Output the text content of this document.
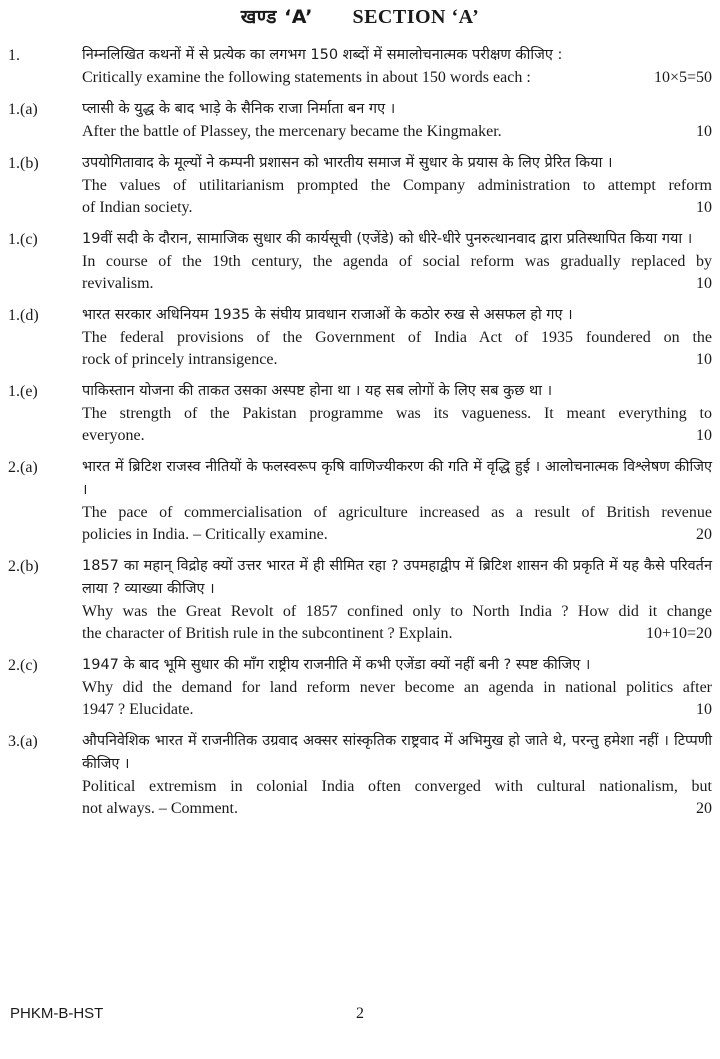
खण्ड ‘A’ SECTION ‘A’
1.	निम्नलिखित कथनों में से प्रत्येक का लगभग 150 शब्दों में समालोचनात्मक परीक्षण कीजिए :
Critically examine the following statements in about 150 words each :	10×5=50
1.(a)	प्लासी के युद्ध के बाद भाड़े के सैनिक राजा निर्माता बन गए ।
After the battle of Plassey, the mercenary became the Kingmaker.	10
1.(b)	उपयोगितावाद के मूल्यों ने कम्पनी प्रशासन को भारतीय समाज में सुधार के प्रयास के लिए प्रेरित किया ।
The values of utilitarianism prompted the Company administration to attempt reform
of Indian society.	10
1.(c)	19वीं सदी के दौरान, सामाजिक सुधार की कार्यसूची (एजेंडे) को धीरे-धीरे पुनरुत्थानवाद द्वारा प्रतिस्थापित किया गया ।
In course of the 19th century, the agenda of social reform was gradually replaced by
revivalism.	10
1.(d)	भारत सरकार अधिनियम 1935 के संघीय प्रावधान राजाओं के कठोर रुख से असफल हो गए ।
The federal provisions of the Government of India Act of 1935 foundered on the
rock of princely intransigence.	10
1.(e)	पाकिस्तान योजना की ताकत उसका अस्पष्ट होना था । यह सब लोगों के लिए सब कुछ था ।
The strength of the Pakistan programme was its vagueness. It meant everything to
everyone.	10
2.(a)	भारत में ब्रिटिश राजस्व नीतियों के फलस्वरूप कृषि वाणिज्यीकरण की गति में वृद्धि हुई । आलोचनात्मक विश्लेषण कीजिए ।
The pace of commercialisation of agriculture increased as a result of British revenue
policies in India. – Critically examine.	20
2.(b)	1857 का महान् विद्रोह क्यों उत्तर भारत में ही सीमित रहा ? उपमहाद्वीप में ब्रिटिश शासन की प्रकृति में यह कैसे परिवर्तन लाया ? व्याख्या कीजिए ।
Why was the Great Revolt of 1857 confined only to North India ? How did it change
the character of British rule in the subcontinent ? Explain.	10+10=20
2.(c)	1947 के बाद भूमि सुधार की माँग राष्ट्रीय राजनीति में कभी एजेंडा क्यों नहीं बनी ? स्पष्ट कीजिए ।
Why did the demand for land reform never become an agenda in national politics after
1947 ? Elucidate.	10
3.(a)	औपनिवेशिक भारत में राजनीतिक उग्रवाद अक्सर सांस्कृतिक राष्ट्रवाद में अभिमुख हो जाते थे, परन्तु हमेशा नहीं । टिप्पणी कीजिए ।
Political extremism in colonial India often converged with cultural nationalism, but
not always. – Comment.	20
PHKM-B-HST	2
